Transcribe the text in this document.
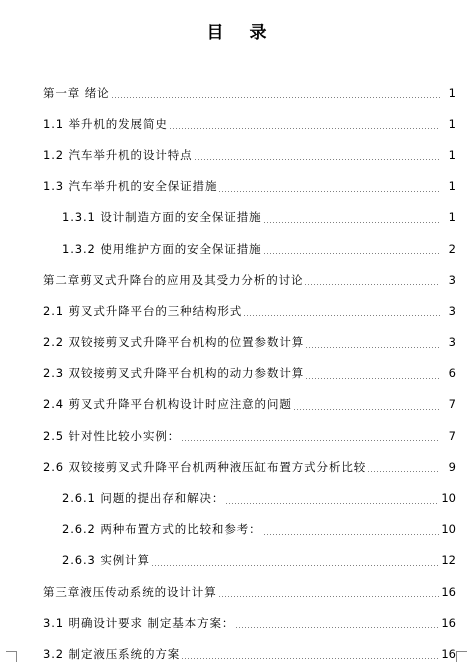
目 录
第一章 绪论	1
1.1 举升机的发展简史	1
1.2 汽车举升机的设计特点	1
1.3 汽车举升机的安全保证措施	1
1.3.1 设计制造方面的安全保证措施	1
1.3.2 使用维护方面的安全保证措施	2
第二章剪叉式升降台的应用及其受力分析的讨论	3
2.1 剪叉式升降平台的三种结构形式	3
2.2 双铰接剪叉式升降平台机构的位置参数计算	3
2.3 双铰接剪叉式升降平台机构的动力参数计算	6
2.4 剪叉式升降平台机构设计时应注意的问题	7
2.5 针对性比较小实例：	7
2.6 双铰接剪叉式升降平台机两种液压缸布置方式分析比较	9
2.6.1 问题的提出存和解决：	10
2.6.2 两种布置方式的比较和参考：	10
2.6.3 实例计算	12
第三章液压传动系统的设计计算	16
3.1 明确设计要求 制定基本方案：	16
3.2 制定液压系统的方案	16
